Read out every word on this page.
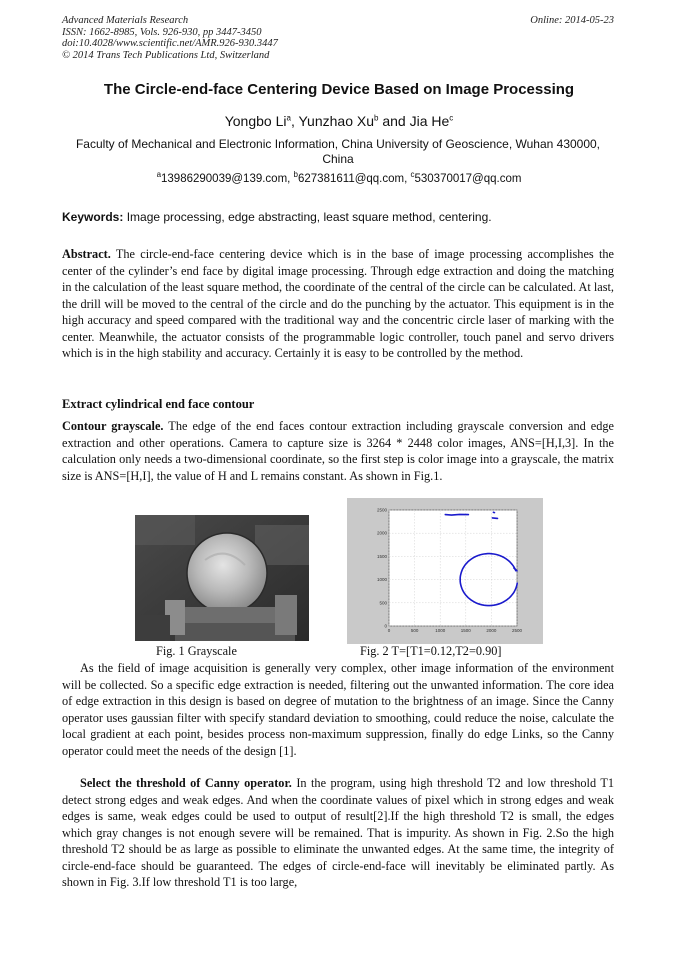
Advanced Materials Research
ISSN: 1662-8985, Vols. 926-930, pp 3447-3450
doi:10.4028/www.scientific.net/AMR.926-930.3447
© 2014 Trans Tech Publications Ltd, Switzerland
Online: 2014-05-23
The Circle-end-face Centering Device Based on Image Processing
Yongbo Li$^a$, Yunzhao Xu$^b$ and Jia He$^c$
Faculty of Mechanical and Electronic Information, China University of Geoscience, Wuhan 430000, China
$^a$13986290039@139.com, $^b$627381611@qq.com, $^c$530370017@qq.com
Keywords: Image processing, edge abstracting, least square method, centering.
Abstract. The circle-end-face centering device which is in the base of image processing accomplishes the center of the cylinder’s end face by digital image processing. Through edge extraction and doing the matching in the calculation of the least square method, the coordinate of the central of the circle can be calculated. At last, the drill will be moved to the central of the circle and do the punching by the actuator. This equipment is in the high accuracy and speed compared with the traditional way and the concentric circle laser of marking with the center. Meanwhile, the actuator consists of the programmable logic controller, touch panel and servo drivers which is in the high stability and accuracy. Certainly it is easy to be controlled by the method.
Extract cylindrical end face contour
Contour grayscale. The edge of the end faces contour extraction including grayscale conversion and edge extraction and other operations. Camera to capture size is 3264 * 2448 color images, ANS=[H,I,3]. In the calculation only needs a two-dimensional coordinate, so the first step is color image into a grayscale, the matrix size is ANS=[H,I], the value of H and L remains constant. As shown in Fig.1.
0	500	1000	1500	2000	2500
0
500
1000
1500
2000
2500
Fig. 1 Grayscale	Fig. 2 T=[T1=0.12,T2=0.90]
As the field of image acquisition is generally very complex, other image information of the environment will be collected. So a specific edge extraction is needed, filtering out the unwanted information. The core idea of edge extraction in this design is based on degree of mutation to the brightness of an image. Since the Canny operator uses gaussian filter with specify standard deviation to smoothing, could reduce the noise, calculate the local gradient at each point, besides process non-maximum suppression, finally do edge Links, so the Canny operator could meet the needs of the design [1].
Select the threshold of Canny operator. In the program, using high threshold T2 and low threshold T1 detect strong edges and weak edges. And when the coordinate values of pixel which in strong edges and weak edges is same, weak edges could be used to output of result[2].If the high threshold T2 is small, the edges which gray changes is not enough severe will be remained. That is impurity. As shown in Fig. 2.So the high threshold T2 should be as large as possible to eliminate the unwanted edges. At the same time, the integrity of circle-end-face should be guaranteed. The edges of circle-end-face will inevitably be eliminated partly. As shown in Fig. 3.If low threshold T1 is too large,
